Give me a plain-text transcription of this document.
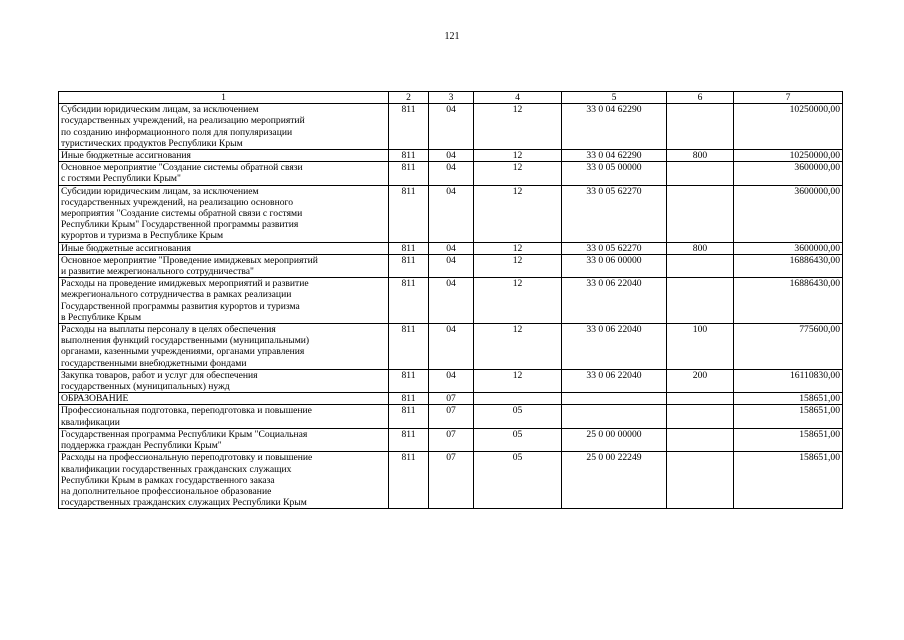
121
1	2	3	4	5	6	7

Субсидии юридическим лицам, за исключением
государственных учреждений, на реализацию мероприятий
по созданию информационного поля для популяризации
туристических продуктов Республики Крым	811	04	12	33 0 04 62290		10250000,00

Иные бюджетные ассигнования	811	04	12	33 0 04 62290	800	10250000,00

Основное мероприятие "Создание системы обратной связи
с гостями Республики Крым"	811	04	12	33 0 05 00000		3600000,00

Субсидии юридическим лицам, за исключением
государственных учреждений, на реализацию основного
мероприятия "Создание системы обратной связи с гостями
Республики Крым" Государственной программы развития
курортов и туризма в Республике Крым	811	04	12	33 0 05 62270		3600000,00

Иные бюджетные ассигнования	811	04	12	33 0 05 62270	800	3600000,00

Основное мероприятие "Проведение имиджевых мероприятий
и развитие межрегионального сотрудничества"	811	04	12	33 0 06 00000		16886430,00

Расходы на проведение имиджевых мероприятий и развитие
межрегионального сотрудничества в рамках реализации
Государственной программы развития курортов и туризма
в Республике Крым	811	04	12	33 0 06 22040		16886430,00

Расходы на выплаты персоналу в целях обеспечения
выполнения функций государственными (муниципальными)
органами, казенными учреждениями, органами управления
государственными внебюджетными фондами	811	04	12	33 0 06 22040	100	775600,00

Закупка товаров, работ и услуг для обеспечения
государственных (муниципальных) нужд	811	04	12	33 0 06 22040	200	16110830,00

ОБРАЗОВАНИЕ	811	07				158651,00

Профессиональная подготовка, переподготовка и повышение
квалификации	811	07	05			158651,00

Государственная программа Республики Крым "Социальная
поддержка граждан Республики Крым"	811	07	05	25 0 00 00000		158651,00

Расходы на профессиональную переподготовку и повышение
квалификации государственных гражданских служащих
Республики Крым в рамках государственного заказа
на дополнительное профессиональное образование
государственных гражданских служащих Республики Крым	811	07	05	25 0 00 22249		158651,00
